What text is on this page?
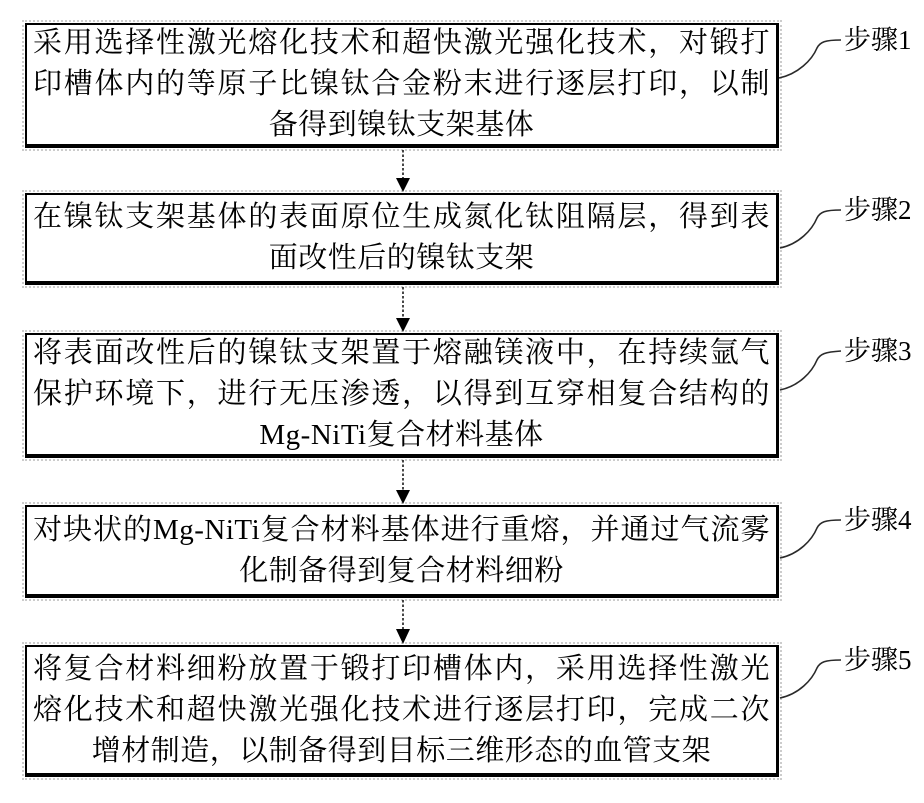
采用选择性激光熔化技术和超快激光强化技术，对锻打印槽体内的等原子比镍钛合金粉末进行逐层打印，以制备得到镍钛支架基体
在镍钛支架基体的表面原位生成氮化钛阻隔层，得到表面改性后的镍钛支架
将表面改性后的镍钛支架置于熔融镁液中，在持续氩气保护环境下，进行无压渗透，以得到互穿相复合结构的Mg-NiTi复合材料基体
对块状的Mg-NiTi复合材料基体进行重熔，并通过气流雾化制备得到复合材料细粉
将复合材料细粉放置于锻打印槽体内，采用选择性激光熔化技术和超快激光强化技术进行逐层打印，完成二次增材制造，以制备得到目标三维形态的血管支架
步骤1
步骤2
步骤3
步骤4
步骤5
